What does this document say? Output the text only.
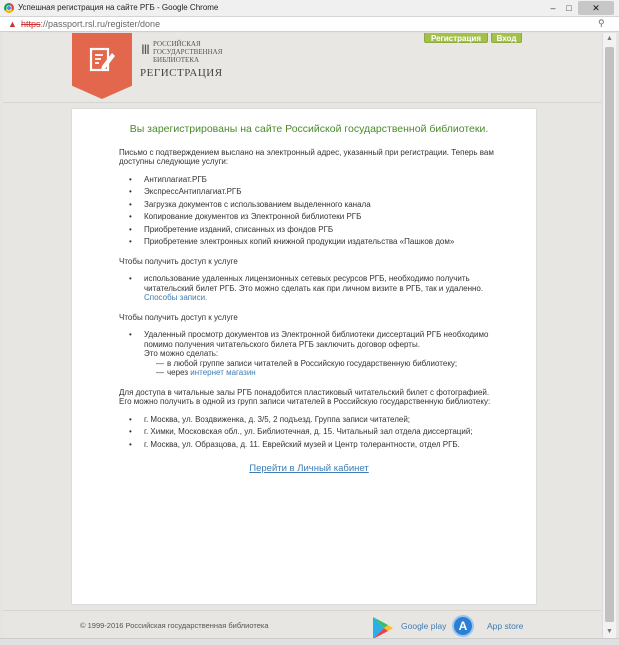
Успешная регистрация на сайте РГБ - Google Chrome	–	□	✕
▲ https://passport.rsl.ru/register/done	⚲
Ⅲ РОССИЙСКАЯ ГОСУДАРСТВЕННАЯ БИБЛИОТЕКА
РЕГИСТРАЦИЯ
Регистрация	Вход
Вы зарегистрированы на сайте Российской государственной библиотеки.

Письмо с подтверждением выслано на электронный адрес, указанный при регистрации. Теперь вам доступны следующие услуги:

• Антиплагиат.РГБ
• ЭкспрессАнтиплагиат.РГБ
• Загрузка документов с использованием выделенного канала
• Копирование документов из Электронной библиотеки РГБ
• Приобретение изданий, списанных из фондов РГБ
• Приобретение электронных копий книжной продукции издательства «Пашков дом»

Чтобы получить доступ к услуге

• использование удаленных лицензионных сетевых ресурсов РГБ, необходимо получить читательский билет РГБ. Это можно сделать как при личном визите в РГБ, так и удаленно. Способы записи.

Чтобы получить доступ к услуге

• Удаленный просмотр документов из Электронной библиотеки диссертаций РГБ необходимо помимо получения читательского билета РГБ заключить договор оферты.
Это можно сделать:
— в любой группе записи читателей в Российскую государственную библиотеку;
— через интернет магазин

Для доступа в читальные залы РГБ понадобится пластиковый читательский билет с фотографией. Его можно получить в одной из групп записи читателей в Российскую государственную библиотеку:

• г. Москва, ул. Воздвиженка, д. 3/5, 2 подъезд. Группа записи читателей;
• г. Химки, Московская обл., ул. Библиотечная, д. 15. Читальный зал отдела диссертаций;
• г. Москва, ул. Образцова, д. 11. Еврейский музей и Центр толерантности, отдел РГБ.
Перейти в Личный кабинет
© 1999-2016 Российская государственная библиотека	Google play	A	App store
▲
▼
